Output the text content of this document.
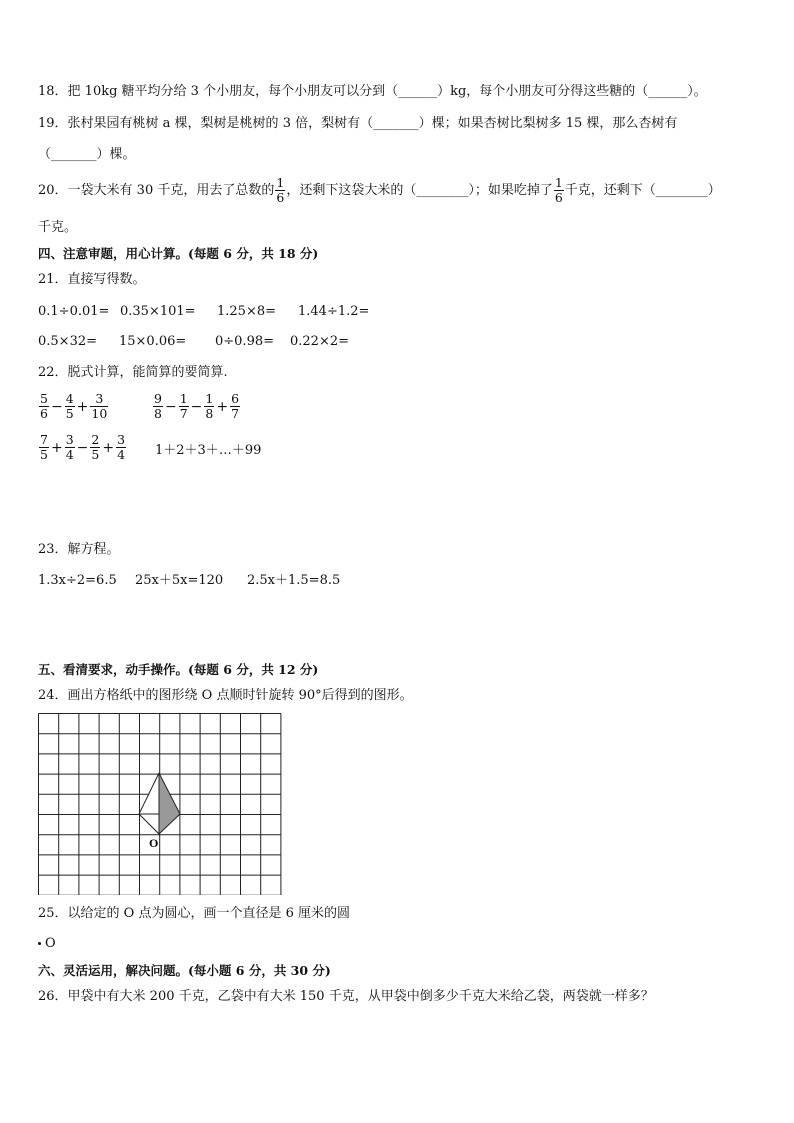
18．把 10kg 糖平均分给 3 个小朋友，每个小朋友可以分到（______）kg，每个小朋友可分得这些糖的（______）。
19．张村果园有桃树 a 棵，梨树是桃树的 3 倍，梨树有（_______）棵；如果杏树比梨树多 15 棵，那么杏树有
（_______）棵。
20．一袋大米有 30 千克，用去了总数的 $\frac{1}{6}$ ，还剩下这袋大米的（________）；如果吃掉了 $\frac{1}{6}$ 千克，还剩下（________）
千克。
四、注意审题，用心计算。(每题 6 分，共 18 分)
21．直接写得数。
0.1÷0.01= 0.35×101= 1.25×8= 1.44÷1.2=
0.5×32= 15×0.06= 0÷0.98= 0.22×2=
22．脱式计算，能简算的要简算.
$\frac{5}{6} - \frac{4}{5} + \frac{3}{10}$	$\frac{9}{8} - \frac{1}{7} - \frac{1}{8} + \frac{6}{7}$
$\frac{7}{5} + \frac{3}{4} - \frac{2}{5} + \frac{3}{4}$ 1＋2＋3＋…＋99
23．解方程。
1.3x÷2=6.5 25x＋5x=120 2.5x＋1.5=8.5
五、看清要求，动手操作。(每题 6 分，共 12 分)
24．画出方格纸中的图形绕 O 点顺时针旋转 90°后得到的图形。
O
25．以给定的 O 点为圆心，画一个直径是 6 厘米的圆
O
六、灵活运用，解决问题。(每小题 6 分，共 30 分)
26．甲袋中有大米 200 千克，乙袋中有大米 150 千克，从甲袋中倒多少千克大米给乙袋，两袋就一样多？
